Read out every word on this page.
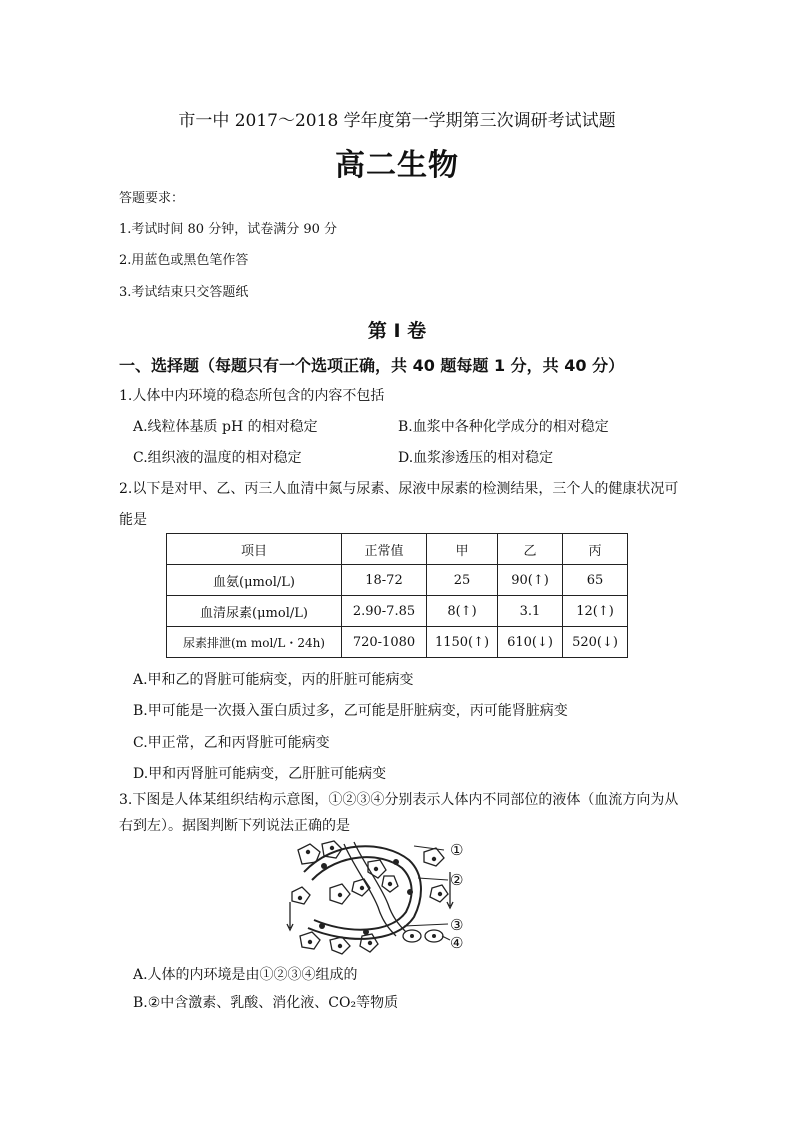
市一中 2017～2018 学年度第一学期第三次调研考试试题
高二生物
答题要求：
1.考试时间 80 分钟，试卷满分 90 分
2.用蓝色或黑色笔作答
3.考试结束只交答题纸
第 Ⅰ 卷
一、选择题（每题只有一个选项正确，共 40 题每题 1 分，共 40 分）
1.人体中内环境的稳态所包含的内容不包括
A.线粒体基质 pH 的相对稳定	B.血浆中各种化学成分的相对稳定
C.组织液的温度的相对稳定	D.血浆渗透压的相对稳定
2.以下是对甲、乙、丙三人血清中氮与尿素、尿液中尿素的检测结果，三个人的健康状况可
能是
项目	正常值	甲	乙	丙
血氨(μmol/L)	18-72	25	90(↑)	65
血清尿素(μmol/L)	2.90-7.85	8(↑)	3.1	12(↑)
尿素排泄(m mol/L・24h)	720-1080	1150(↑)	610(↓)	520(↓)
A.甲和乙的肾脏可能病变，丙的肝脏可能病变
B.甲可能是一次摄入蛋白质过多，乙可能是肝脏病变，丙可能肾脏病变
C.甲正常，乙和丙肾脏可能病变
D.甲和丙肾脏可能病变，乙肝脏可能病变
3.下图是人体某组织结构示意图，①②③④分别表示人体内不同部位的液体（血流方向为从
右到左）。据图判断下列说法正确的是
①
②
③
④
A.人体的内环境是由①②③④组成的
B.②中含激素、乳酸、消化液、CO₂等物质
